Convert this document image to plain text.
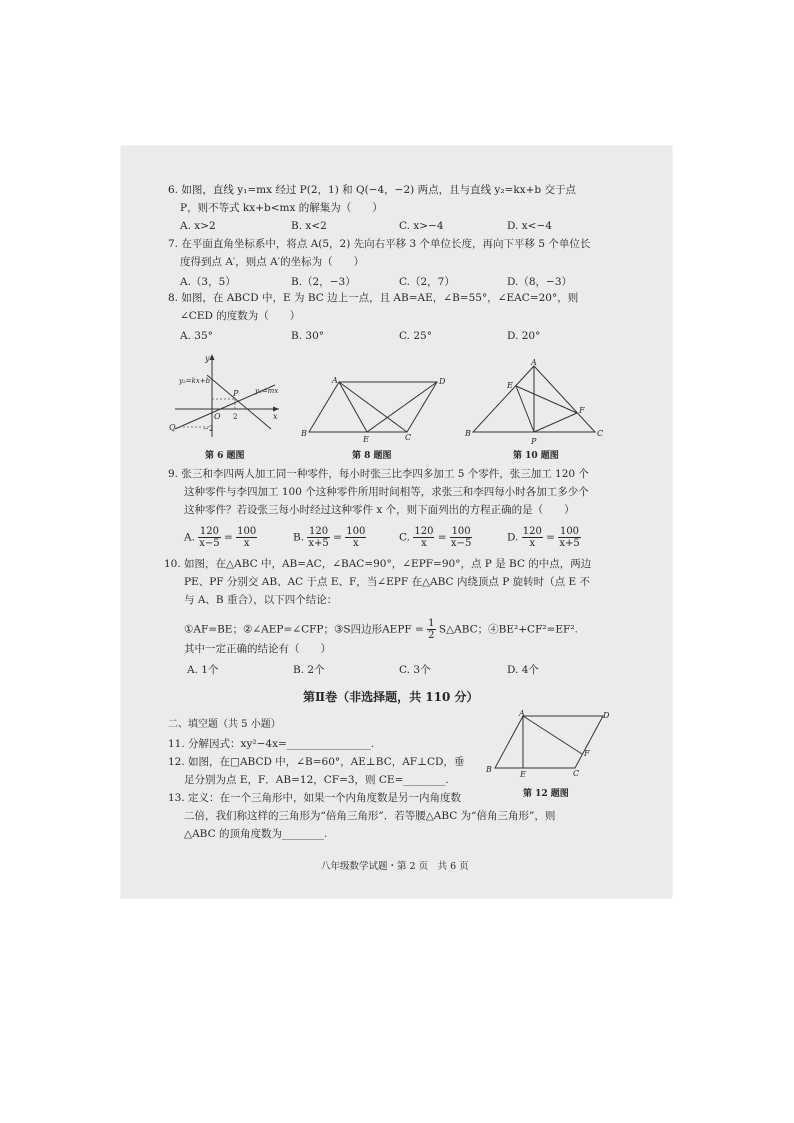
6. 如图，直线 y₁=mx 经过 P(2，1) 和 Q(−4，−2) 两点，且与直线 y₂=kx+b 交于点
P，则不等式 kx+b<mx 的解集为（　　）
A. x>2	B. x<2	C. x>−4	D. x<−4
7. 在平面直角坐标系中，将点 A(5，2) 先向右平移 3 个单位长度，再向下平移 5 个单位长
度得到点 A′，则点 A′的坐标为（　　）
A.（3，5）	B.（2，−3）	C.（2，7）	D.（8，−3）
8. 如图，在 ABCD 中，E 为 BC 边上一点，且 AB=AE，∠B=55°，∠EAC=20°，则
∠CED 的度数为（　　）
A. 35°	B. 30°	C. 25°	D. 20°
y
x
y₂=kx+b
y₁=mx
P
O 2
−2
Q
第 6 题图
A	D
B
E	C
第 8 题图
A
E
F
B
P
C
第 10 题图
9. 张三和李四两人加工同一种零件，每小时张三比李四多加工 5 个零件，张三加工 120 个
这种零件与李四加工 100 个这种零件所用时间相等，求张三和李四每小时各加工多少个
这种零件？若设张三每小时经过这种零件 x 个，则下面列出的方程正确的是（　　）
A. $\frac{120}{x-5} = \frac{100}{x}$	B. $\frac{120}{x+5} = \frac{100}{x}$	C. $\frac{120}{x} = \frac{100}{x-5}$	D. $\frac{120}{x} = \frac{100}{x+5}$
10. 如图，在△ABC 中，AB=AC，∠BAC=90°，∠EPF=90°，点 P 是 BC 的中点，两边
PE、PF 分别交 AB、AC 于点 E、F，当∠EPF 在△ABC 内绕顶点 P 旋转时（点 E 不
与 A、B 重合），以下四个结论：
①AF=BE；②∠AEP=∠CFP；③S四边形AEPF = $\frac{1}{2}$ S△ABC；④BE²+CF²=EF².
其中一定正确的结论有（　　）
A. 1个	B. 2个	C. 3个	D. 4个
第Ⅱ卷（非选择题，共 110 分）
二、填空题（共 5 小题）
11. 分解因式：xy²−4x=________________.
12. 如图，在□ABCD 中，∠B=60°，AE⊥BC，AF⊥CD，垂
足分别为点 E，F．AB=12，CF=3，则 CE=________.
A	D
B
E	C
F
第 12 题图
13. 定义：在一个三角形中，如果一个内角度数是另一内角度数
二倍，我们称这样的三角形为“倍角三角形”．若等腰△ABC 为“倍角三角形”，则
△ABC 的顶角度数为________.
八年级数学试题・第 2 页　共 6 页
